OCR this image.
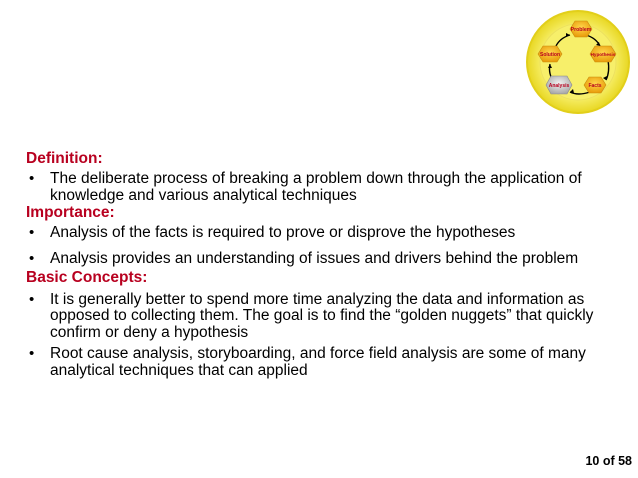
Problem
Hypothesis
Facts
Analysis
Solution

Definition:

• The deliberate process of breaking a problem down through the application of knowledge and various analytical techniques

Importance:

• Analysis of the facts is required to prove or disprove the hypotheses

• Analysis provides an understanding of issues and drivers behind the problem

Basic Concepts:

• It is generally better to spend more time analyzing the data and information as opposed to collecting them. The goal is to find the “golden nuggets” that quickly confirm or deny a hypothesis

• Root cause analysis, storyboarding, and force field analysis are some of many analytical techniques that can applied

10 of 58
